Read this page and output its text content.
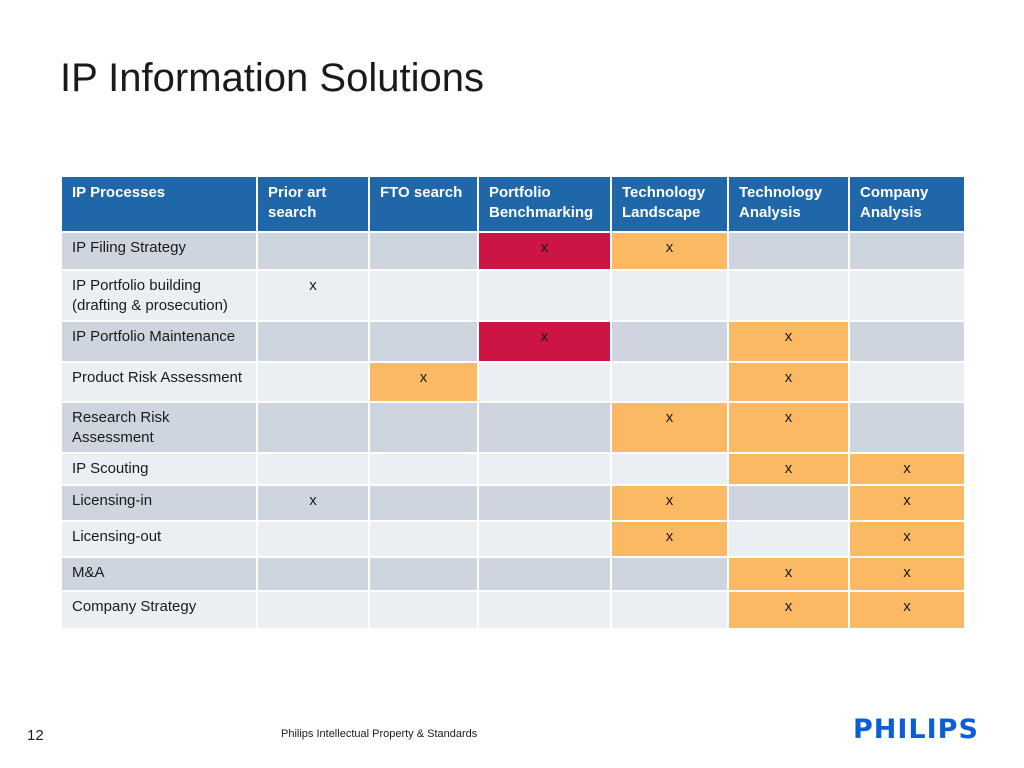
IP Information Solutions
IP Processes	Prior art search	FTO search	Portfolio Benchmarking	Technology Landscape	Technology Analysis	Company Analysis
IP Filing Strategy			x	x		
IP Portfolio building (drafting & prosecution)	x					
IP Portfolio Maintenance			x		x	
Product Risk Assessment		x			x	
Research Risk Assessment				x	x	
IP Scouting					x	x
Licensing-in	x			x		x
Licensing-out				x		x
M&A					x	x
Company Strategy					x	x
12	Philips Intellectual Property & Standards	PHILIPS
